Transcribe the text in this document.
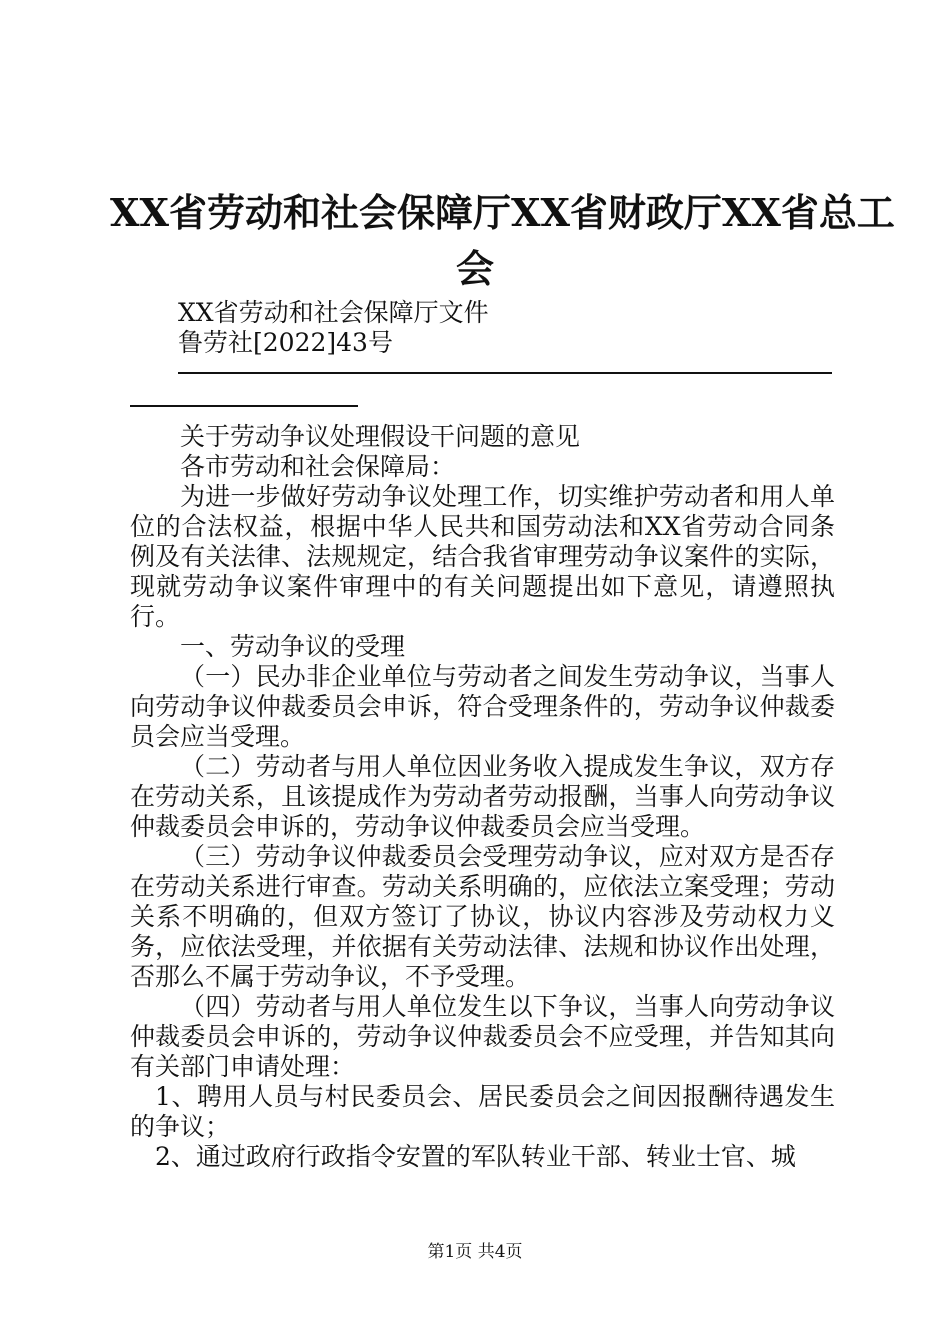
XX省劳动和社会保障厅XX省财政厅XX省总工
会
XX省劳动和社会保障厅文件
鲁劳社[2022]43号

关于劳动争议处理假设干问题的意见

各市劳动和社会保障局：

为进一步做好劳动争议处理工作，切实维护劳动者和用人单位的合法权益，根据中华人民共和国劳动法和XX省劳动合同条例及有关法律、法规规定，结合我省审理劳动争议案件的实际，现就劳动争议案件审理中的有关问题提出如下意见，请遵照执行。

一、劳动争议的受理

（一）民办非企业单位与劳动者之间发生劳动争议，当事人向劳动争议仲裁委员会申诉，符合受理条件的，劳动争议仲裁委员会应当受理。

（二）劳动者与用人单位因业务收入提成发生争议，双方存在劳动关系，且该提成作为劳动者劳动报酬，当事人向劳动争议仲裁委员会申诉的，劳动争议仲裁委员会应当受理。

（三）劳动争议仲裁委员会受理劳动争议，应对双方是否存在劳动关系进行审查。劳动关系明确的，应依法立案受理；劳动关系不明确的，但双方签订了协议，协议内容涉及劳动权力义务，应依法受理，并依据有关劳动法律、法规和协议作出处理，否那么不属于劳动争议，不予受理。

（四）劳动者与用人单位发生以下争议，当事人向劳动争议仲裁委员会申诉的，劳动争议仲裁委员会不应受理，并告知其向有关部门申请处理：

1、聘用人员与村民委员会、居民委员会之间因报酬待遇发生的争议；

2、通过政府行政指令安置的军队转业干部、转业士官、城

第1页 共4页
